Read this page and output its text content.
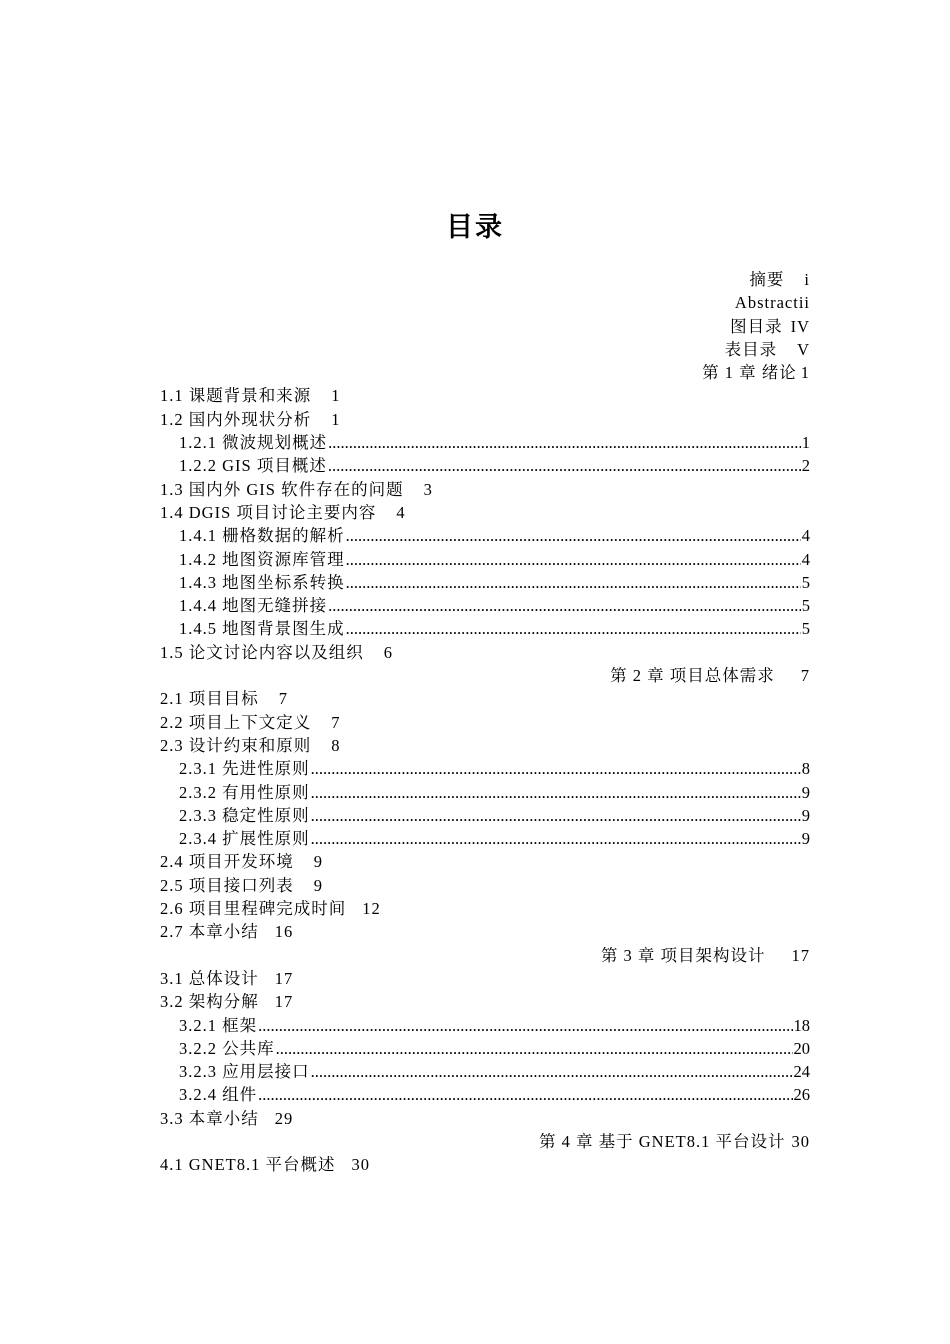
目录
摘要 i
Abstractii
图目录 IV
表目录 V
第 1 章 绪论 1
1.1 课题背景和来源 1
1.2 国内外现状分析 1
1.2.1 微波规划概述 .....	1
1.2.2 GIS 项目概述 .....	2
1.3 国内外 GIS 软件存在的问题 3
1.4 DGIS 项目讨论主要内容 4
1.4.1 栅格数据的解析 .....	4
1.4.2 地图资源库管理 .....	4
1.4.3 地图坐标系转换 .....	5
1.4.4 地图无缝拼接 .....	5
1.4.5 地图背景图生成 .....	5
1.5 论文讨论内容以及组织 6
第 2 章 项目总体需求 7
2.1 项目目标 7
2.2 项目上下文定义 7
2.3 设计约束和原则 8
2.3.1 先进性原则 .....	8
2.3.2 有用性原则 .....	9
2.3.3 稳定性原则 .....	9
2.3.4 扩展性原则 .....	9
2.4 项目开发环境 9
2.5 项目接口列表 9
2.6 项目里程碑完成时间 12
2.7 本章小结 16
第 3 章 项目架构设计 17
3.1 总体设计 17
3.2 架构分解 17
3.2.1 框架 .....	18
3.2.2 公共库 .....	20
3.2.3 应用层接口 .....	24
3.2.4 组件 .....	26
3.3 本章小结 29
第 4 章 基于 GNET8.1 平台设计 30
4.1 GNET8.1 平台概述 30
